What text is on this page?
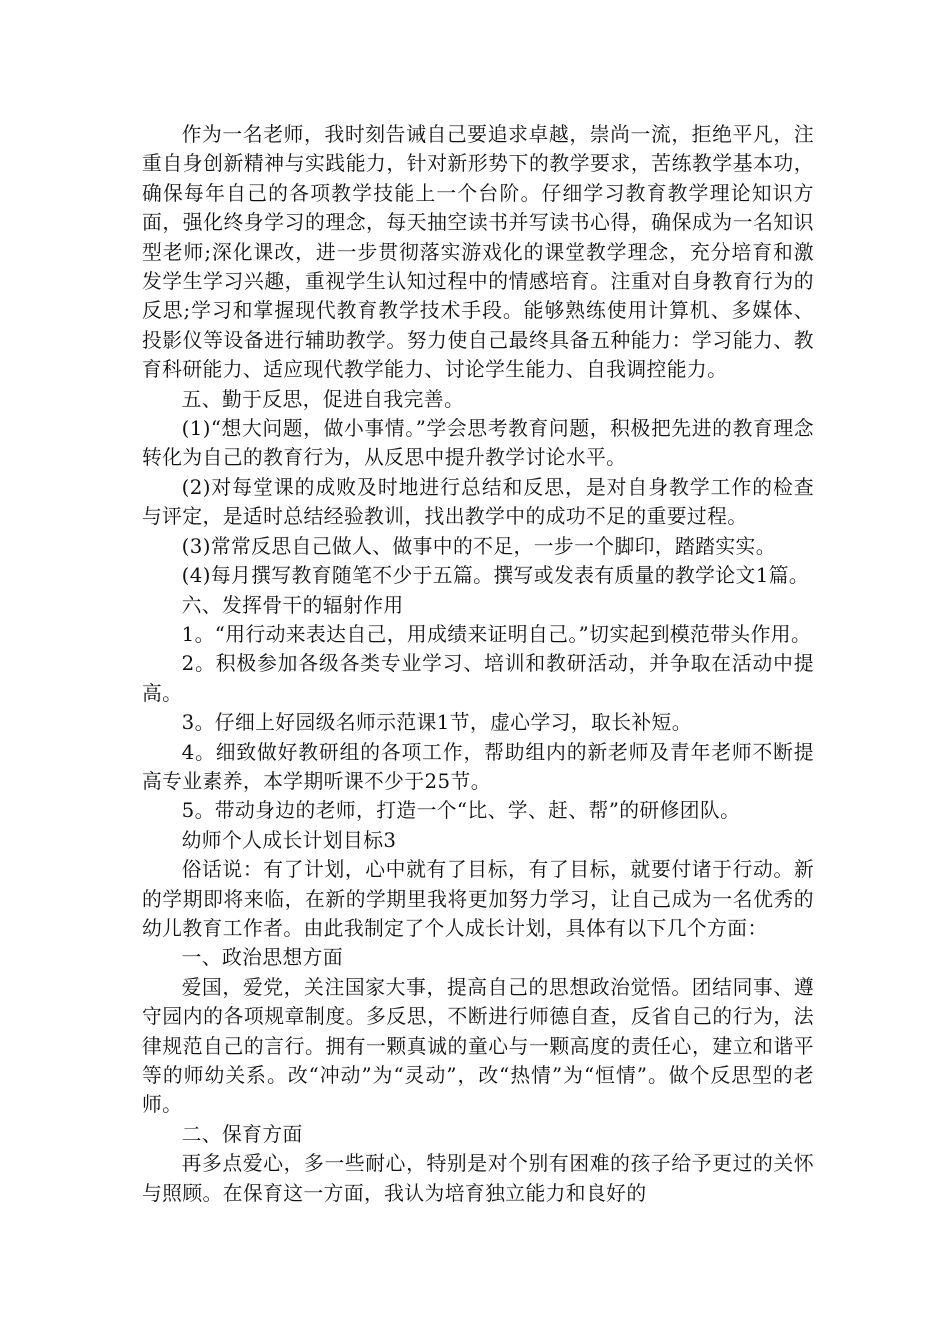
作为一名老师，我时刻告诫自己要追求卓越，崇尚一流，拒绝平凡，注重自身创新精神与实践能力，针对新形势下的教学要求，苦练教学基本功，确保每年自己的各项教学技能上一个台阶。仔细学习教育教学理论知识方面，强化终身学习的理念，每天抽空读书并写读书心得，确保成为一名知识型老师;深化课改，进一步贯彻落实游戏化的课堂教学理念，充分培育和激发学生学习兴趣，重视学生认知过程中的情感培育。注重对自身教育行为的反思;学习和掌握现代教育教学技术手段。能够熟练使用计算机、多媒体、投影仪等设备进行辅助教学。努力使自己最终具备五种能力：学习能力、教育科研能力、适应现代教学能力、讨论学生能力、自我调控能力。

五、勤于反思，促进自我完善。

(1)“想大问题，做小事情。”学会思考教育问题，积极把先进的教育理念转化为自己的教育行为，从反思中提升教学讨论水平。

(2)对每堂课的成败及时地进行总结和反思，是对自身教学工作的检查与评定，是适时总结经验教训，找出教学中的成功不足的重要过程。

(3)常常反思自己做人、做事中的不足，一步一个脚印，踏踏实实。

(4)每月撰写教育随笔不少于五篇。撰写或发表有质量的教学论文1篇。

六、发挥骨干的辐射作用

1。“用行动来表达自己，用成绩来证明自己。”切实起到模范带头作用。

2。积极参加各级各类专业学习、培训和教研活动，并争取在活动中提高。

3。仔细上好园级名师示范课1节，虚心学习，取长补短。

4。细致做好教研组的各项工作，帮助组内的新老师及青年老师不断提高专业素养，本学期听课不少于25节。

5。带动身边的老师，打造一个“比、学、赶、帮”的研修团队。

幼师个人成长计划目标3

俗话说：有了计划，心中就有了目标，有了目标，就要付诸于行动。新的学期即将来临，在新的学期里我将更加努力学习，让自己成为一名优秀的幼儿教育工作者。由此我制定了个人成长计划，具体有以下几个方面：

一、政治思想方面

爱国，爱党，关注国家大事，提高自己的思想政治觉悟。团结同事、遵守园内的各项规章制度。多反思，不断进行师德自查，反省自己的行为，法律规范自己的言行。拥有一颗真诚的童心与一颗高度的责任心，建立和谐平等的师幼关系。改“冲动”为“灵动”，改“热情”为“恒情”。做个反思型的老师。

二、保育方面

再多点爱心，多一些耐心，特别是对个别有困难的孩子给予更过的关怀与照顾。在保育这一方面，我认为培育独立能力和良好的
